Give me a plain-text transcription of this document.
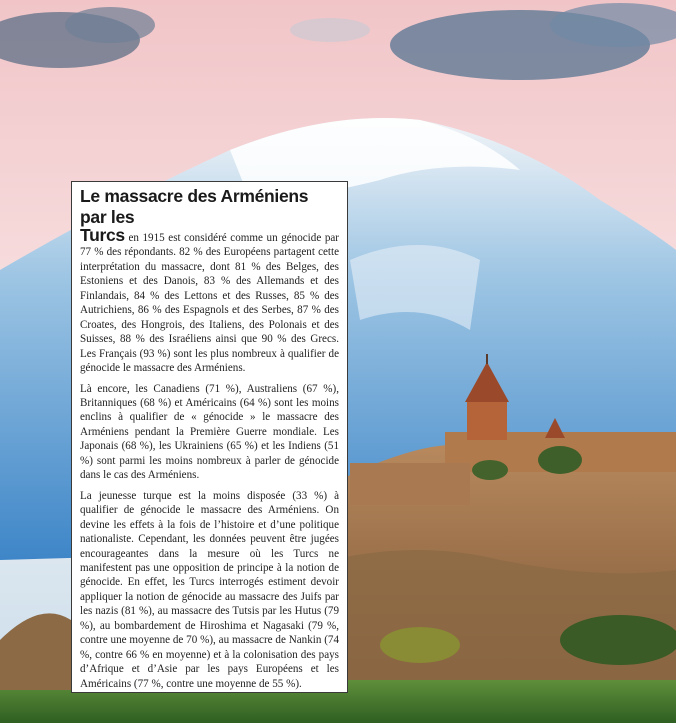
Le massacre des Arméniens par les

Turcs en 1915 est considéré comme un génocide par 77 % des répondants. 82 % des Européens partagent cette interprétation du massacre, dont 81 % des Belges, des Estoniens et des Danois, 83 % des Allemands et des Finlandais, 84 % des Lettons et des Russes, 85 % des Autrichiens, 86 % des Espagnols et des Serbes, 87 % des Croates, des Hongrois, des Italiens, des Polonais et des Suisses, 88 % des Israéliens ainsi que 90 % des Grecs. Les Français (93 %) sont les plus nombreux à qualifier de génocide le massacre des Arméniens.

Là encore, les Canadiens (71 %), Australiens (67 %), Britanniques (68 %) et Américains (64 %) sont les moins enclins à qualifier de « génocide » le massacre des Arméniens pendant la Première Guerre mondiale. Les Japonais (68 %), les Ukrainiens (65 %) et les Indiens (51 %) sont parmi les moins nombreux à parler de génocide dans le cas des Arméniens.

La jeunesse turque est la moins disposée (33 %) à qualifier de génocide le massacre des Arméniens. On devine les effets à la fois de l’histoire et d’une politique nationaliste. Cependant, les données peuvent être jugées encourageantes dans la mesure où les Turcs ne manifestent pas une opposition de principe à la notion de génocide. En effet, les Turcs interrogés estiment devoir appliquer la notion de génocide au massacre des Juifs par les nazis (81 %), au massacre des Tutsis par les Hutus (79 %), au bombardement de Hiroshima et Nagasaki (79 %, contre une moyenne de 70 %), au massacre de Nankin (74 %, contre 66 % en moyenne) et à la colonisation des pays d’Afrique et d’Asie par les pays Européens et les Américains (77 %, contre une moyenne de 55 %).
